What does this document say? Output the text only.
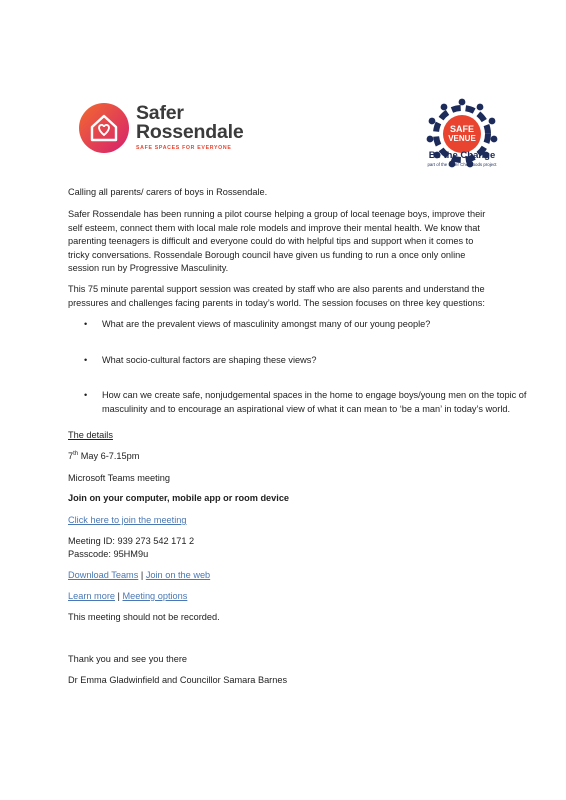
Safer
Rossendale
SAFE SPACES FOR EVERYONE
SAFE
VENUE
Be the Change
part of the Safer Childhoods project

Calling all parents/ carers of boys in Rossendale.

Safer Rossendale has been running a pilot course helping a group of local teenage boys, improve their self esteem, connect them with local male role models and improve their mental health. We know that parenting teenagers is difficult and everyone could do with helpful tips and support when it comes to tricky conversations. Rossendale Borough council have given us funding to run a once only online session run by Progressive Masculinity.

This 75 minute parental support session was created by staff who are also parents and understand the pressures and challenges facing parents in today’s world. The session focuses on three key questions:

• What are the prevalent views of masculinity amongst many of our young people?
• What socio-cultural factors are shaping these views?
• How can we create safe, nonjudgemental spaces in the home to engage boys/young men on the topic of masculinity and to encourage an aspirational view of what it can mean to ‘be a man’ in today’s world.
The details
7th May 6-7.15pm
Microsoft Teams meeting
Join on your computer, mobile app or room device
Click here to join the meeting
Meeting ID: 939 273 542 171 2
Passcode: 95HM9u
Download Teams | Join on the web
Learn more | Meeting options
This meeting should not be recorded.
Thank you and see you there
Dr Emma Gladwinfield and Councillor Samara Barnes
